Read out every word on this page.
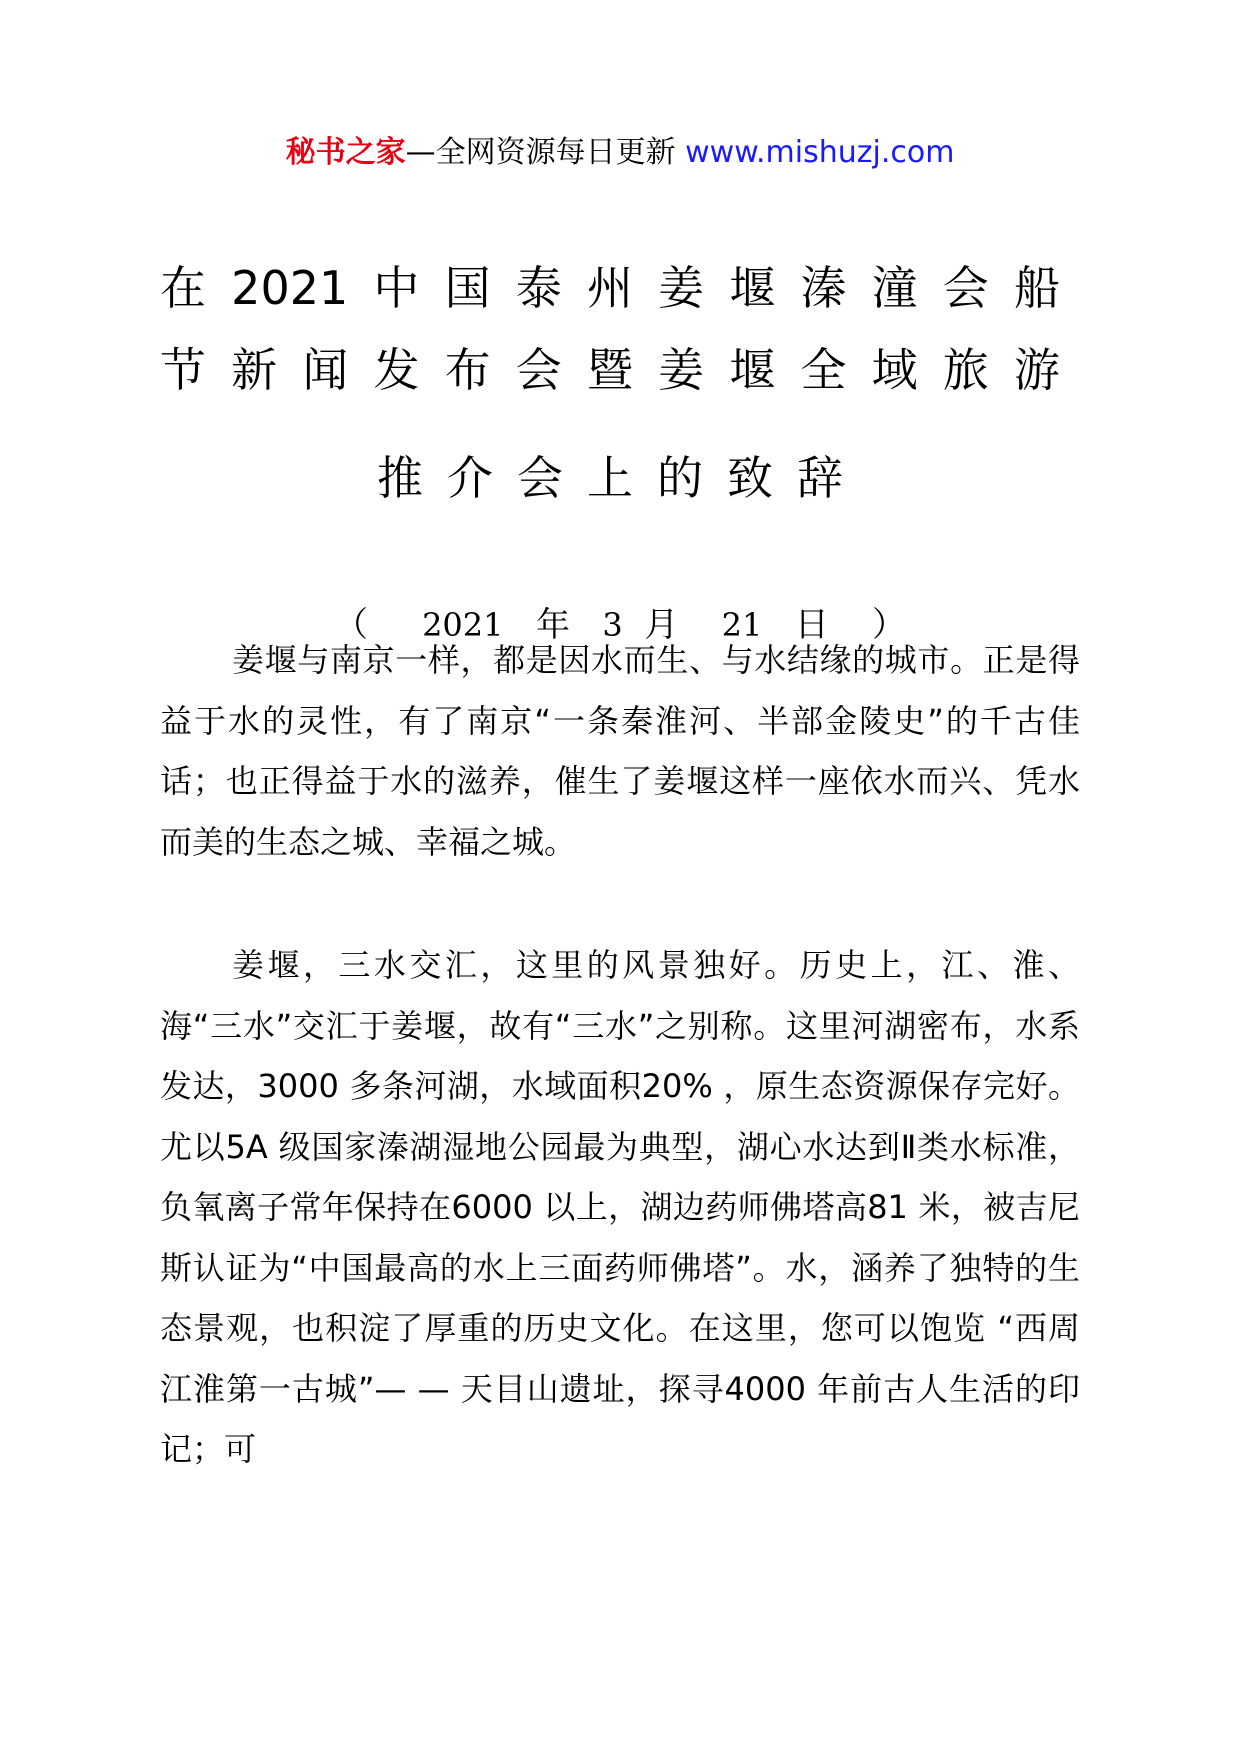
秘书之家—全网资源每日更新 www.mishuzj.com
在 2021 中 国 泰 州 姜 堰 溱 潼 会 船
节 新 闻 发 布 会 暨 姜 堰 全 域 旅 游
推 介 会 上 的 致 辞
（ 2021 年 3 月 21 日 ）

姜堰与南京一样，都是因水而生、与水结缘的城市。正是得益于水的灵性，有了南京“一条秦淮河、半部金陵史”的千古佳话；也正得益于水的滋养，催生了姜堰这样一座依水而兴、凭水而美的生态之城、幸福之城。

姜堰，三水交汇，这里的风景独好。历史上，江、淮、海“三水”交汇于姜堰，故有“三水”之别称。这里河湖密布，水系发达，3000 多条河湖，水域面积20% ，原生态资源保存完好。尤以5A 级国家溱湖湿地公园最为典型，湖心水达到Ⅱ类水标准，负氧离子常年保持在6000 以上，湖边药师佛塔高81 米，被吉尼斯认证为“中国最高的水上三面药师佛塔”。水，涵养了独特的生态景观，也积淀了厚重的历史文化。在这里，您可以饱览 “西周江淮第一古城”— — 天目山遗址，探寻4000 年前古人生活的印记；可
